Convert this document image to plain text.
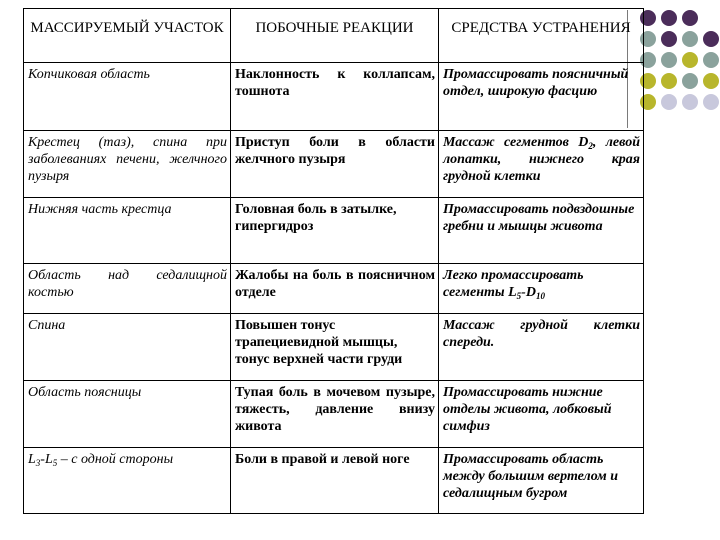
МАССИРУЕМЫЙ УЧАСТОК	ПОБОЧНЫЕ РЕАКЦИИ	СРЕДСТВА УСТРАНЕНИЯ
Копчиковая область	Наклонность к коллапсам, тошнота	Промассировать поясничный отдел, широкую фасцию
Крестец (таз), спина при заболеваниях печени, желчного пузыря	Приступ боли в области желчного пузыря	Массаж сегментов $D_2$, левой лопатки, нижнего края грудной клетки
Нижняя часть крестца	Головная боль в затылке, гипергидроз	Промассировать подвздошные гребни и мышцы живота
Область над седалищной костью	Жалобы на боль в поясничном отделе	Легко промассировать сегменты $L_5-D_{10}$
Спина	Повышен тонус трапециевидной мышцы, тонус верхней части груди	Массаж грудной клетки спереди.
Область поясницы	Тупая боль в мочевом пузыре, тяжесть, давление внизу живота	Промассировать нижние отделы живота, лобковый симфиз
$L_3-L_5$ – с одной стороны	Боли в правой и левой ноге	Промассировать область между большим вертелом и седалищным бугром
